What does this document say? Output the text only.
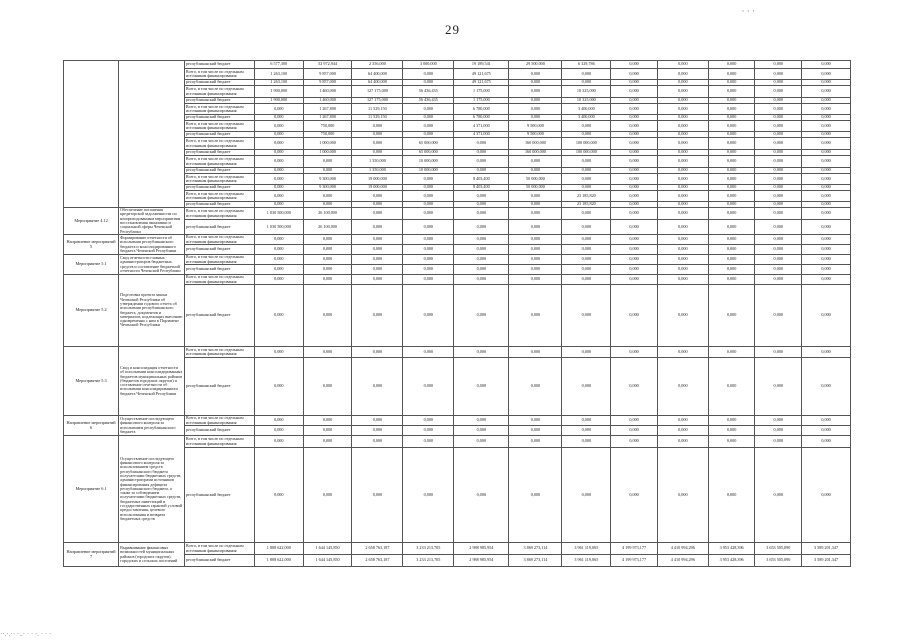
· · ·
29
		республиканский бюджет	6 577,300	52 972,944	2 356,000	3 000,000	19 189,541	29 500,000	6 329,786	0,000	0,000	0,000	0,000	0,000
		Всего, в том числе по отдельным источникам финансирования	1 263,100	9 857,000	64 400,000	0,000	49 121,675	0,000	0,000	0,000	0,000	0,000	0,000	0,000
		республиканский бюджет	1 263,100	9 857,000	64 400,000	0,000	49 121,675	0,000	0,000	0,000	0,000	0,000	0,000	0,000
		Всего, в том числе по отдельным источникам финансирования	1 900,000	1 460,000	127 175,000	56 436,435	1 175,000	0,000	10 325,000	0,000	0,000	0,000	0,000	0,000
		республиканский бюджет	1 900,000	1 460,000	127 175,000	56 436,435	1 175,000	0,000	10 325,000	0,000	0,000	0,000	0,000	0,000
		Всего, в том числе по отдельным источникам финансирования	0,000	1 267,800	11 529,150	0,000	6 780,000	0,000	3 400,000	0,000	0,000	0,000	0,000	0,000
		республиканский бюджет	0,000	1 267,800	11 529,150	0,000	6 780,000	0,000	3 400,000	0,000	0,000	0,000	0,000	0,000
		Всего, в том числе по отдельным источникам финансирования	0,000	750,000	0,000	0,000	4 371,000	9 500,000	0,000	0,000	0,000	0,000	0,000	0,000
		республиканский бюджет	0,000	750,000	0,000	0,000	4 371,000	9 500,000	0,000	0,000	0,000	0,000	0,000	0,000
		Всего, в том числе по отдельным источникам финансирования	0,000	1 000,000	0,000	65 000,000	0,000	160 000,000	100 000,000	0,000	0,000	0,000	0,000	0,000
		республиканский бюджет	0,000	1 000,000	0,000	65 000,000	0,000	160 000,000	100 000,000	0,000	0,000	0,000	0,000	0,000
		Всего, в том числе по отдельным источникам финансирования	0,000	0,000	1 350,000	10 000,000	0,000	0,000	0,000	0,000	0,000	0,000	0,000	0,000
		республиканский бюджет	0,000	0,000	1 350,000	10 000,000	0,000	0,000	0,000	0,000	0,000	0,000	0,000	0,000
		Всего, в том числе по отдельным источникам финансирования	0,000	9 300,000	19 000,000	0,000	8 403,400	50 000,000	0,000	0,000	0,000	0,000	0,000	0,000
		республиканский бюджет	0,000	9 300,000	19 000,000	0,000	8 403,400	50 000,000	0,000	0,000	0,000	0,000	0,000	0,000
		Всего, в том числе по отдельным источникам финансирования	0,000	0,000	0,000	0,000	0,000	0,000	23 185,820	0,000	0,000	0,000	0,000	0,000
		республиканский бюджет	0,000	0,000	0,000	0,000	0,000	0,000	23 185,820	0,000	0,000	0,000	0,000	0,000
Мероприятие 4.12	Обеспечение погашения кредиторской задолженности по неоприходованным мероприятиям восстановления экономики и социальной сферы Чеченской Республики	Всего, в том числе по отдельным источникам финансирования	1 030 500,000	26 100,000	0,000	0,000	0,000	0,000	0,000	0,000	0,000	0,000	0,000	0,000
		республиканский бюджет	1 030 500,000	26 100,000	0,000	0,000	0,000	0,000	0,000	0,000	0,000	0,000	0,000	0,000
Направление мероприятий 5	Формирование отчетности об исполнении республиканского бюджета и консолидированного бюджета Чеченской Республики	Всего, в том числе по отдельным источникам финансирования	0,000	0,000	0,000	0,000	0,000	0,000	0,000	0,000	0,000	0,000	0,000	0,000
		республиканский бюджет	0,000	0,000	0,000	0,000	0,000	0,000	0,000	0,000	0,000	0,000	0,000	0,000
Мероприятие 5.1	Свод отчетности главных администраторов бюджетных средств и составление бюджетной отчетности Чеченской Республики	Всего, в том числе по отдельным источникам финансирования	0,000	0,000	0,000	0,000	0,000	0,000	0,000	0,000	0,000	0,000	0,000	0,000
		республиканский бюджет	0,000	0,000	0,000	0,000	0,000	0,000	0,000	0,000	0,000	0,000	0,000	0,000
Мероприятие 5.2	Подготовка проекта закона Чеченской Республики об утверждении годового отчета об исполнении республиканского бюджета, документов и материалов, подлежащих внесению одновременно с ним в Парламент Чеченской Республики	Всего, в том числе по отдельным источникам финансирования	0,000	0,000	0,000	0,000	0,000	0,000	0,000	0,000	0,000	0,000	0,000	0,000
		республиканский бюджет	0,000	0,000	0,000	0,000	0,000	0,000	0,000	0,000	0,000	0,000	0,000	0,000
Мероприятие 5.3	Свод и консолидация отчетности об исполнении консолидированных бюджетов муниципальных районов (бюджетов городских округов) и составление отчетности об исполнении консолидированного бюджета Чеченской Республики	Всего, в том числе по отдельным источникам финансирования	0,000	0,000	0,000	0,000	0,000	0,000	0,000	0,000	0,000	0,000	0,000	0,000
		республиканский бюджет	0,000	0,000	0,000	0,000	0,000	0,000	0,000	0,000	0,000	0,000	0,000	0,000
Направление мероприятий 6	Осуществление последующего финансового контроля за исполнением республиканского бюджета	Всего, в том числе по отдельным источникам финансирования	0,000	0,000	0,000	0,000	0,000	0,000	0,000	0,000	0,000	0,000	0,000	0,000
		республиканский бюджет	0,000	0,000	0,000	0,000	0,000	0,000	0,000	0,000	0,000	0,000	0,000	0,000
Мероприятие 6.1	Осуществление последующего финансового контроля за использованием средств республиканского бюджета получателями бюджетных средств, администраторами источников финансирования дефицита республиканского бюджета, а также за соблюдением получателями бюджетных средств, бюджетных инвестиций и государственных гарантий условий предоставления, целевого использования и возврата бюджетных средств	Всего, в том числе по отдельным источникам финансирования	0,000	0,000	0,000	0,000	0,000	0,000	0,000	0,000	0,000	0,000	0,000	0,000
		республиканский бюджет	0,000	0,000	0,000	0,000	0,000	0,000	0,000	0,000	0,000	0,000	0,000	0,000
Направление мероприятий 7	Выравнивание финансовых возможностей муниципальных районов (городских округов), городских и сельских поселений	Всего, в том числе по отдельным источникам финансирования	1 808 622,000	1 644 145,850	2 658 763,187	3 233 213,705	2 988 985,954	3 869 273,114	3 961 119,065	4 199 973,177	4 410 994,296	3 953 428,396	3 653 505,090	3 589 201,347
		республиканский бюджет	1 808 622,000	1 644 145,850	2 658 763,187	3 233 213,705	2 988 985,954	3 869 273,114	3 961 119,065	4 199 973,177	4 410 994,296	3 953 428,396	3 653 505,090	3 589 201,347
··.·.·· ·..· · · ·. · · ·
